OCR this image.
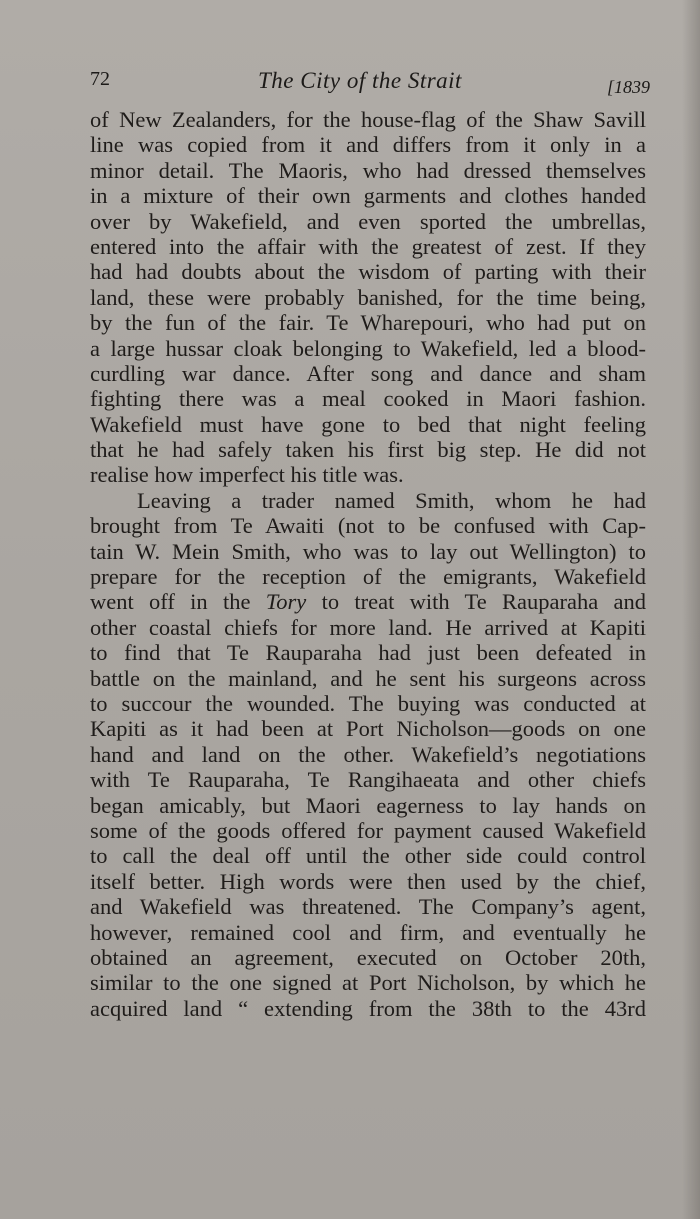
72	The City of the Strait	[1839
of New Zealanders, for the house-flag of the Shaw Savill
line was copied from it and differs from it only in a
minor detail. The Maoris, who had dressed themselves
in a mixture of their own garments and clothes handed
over by Wakefield, and even sported the umbrellas,
entered into the affair with the greatest of zest. If they
had had doubts about the wisdom of parting with their
land, these were probably banished, for the time being,
by the fun of the fair. Te Wharepouri, who had put on
a large hussar cloak belonging to Wakefield, led a blood-
curdling war dance. After song and dance and sham
fighting there was a meal cooked in Maori fashion.
Wakefield must have gone to bed that night feeling
that he had safely taken his first big step. He did not
realise how imperfect his title was.
Leaving a trader named Smith, whom he had
brought from Te Awaiti (not to be confused with Cap-
tain W. Mein Smith, who was to lay out Wellington) to
prepare for the reception of the emigrants, Wakefield
went off in the Tory to treat with Te Rauparaha and
other coastal chiefs for more land. He arrived at Kapiti
to find that Te Rauparaha had just been defeated in
battle on the mainland, and he sent his surgeons across
to succour the wounded. The buying was conducted at
Kapiti as it had been at Port Nicholson—goods on one
hand and land on the other. Wakefield’s negotiations
with Te Rauparaha, Te Rangihaeata and other chiefs
began amicably, but Maori eagerness to lay hands on
some of the goods offered for payment caused Wakefield
to call the deal off until the other side could control
itself better. High words were then used by the chief,
and Wakefield was threatened. The Company’s agent,
however, remained cool and firm, and eventually he
obtained an agreement, executed on October 20th,
similar to the one signed at Port Nicholson, by which he
acquired land “ extending from the 38th to the 43rd
